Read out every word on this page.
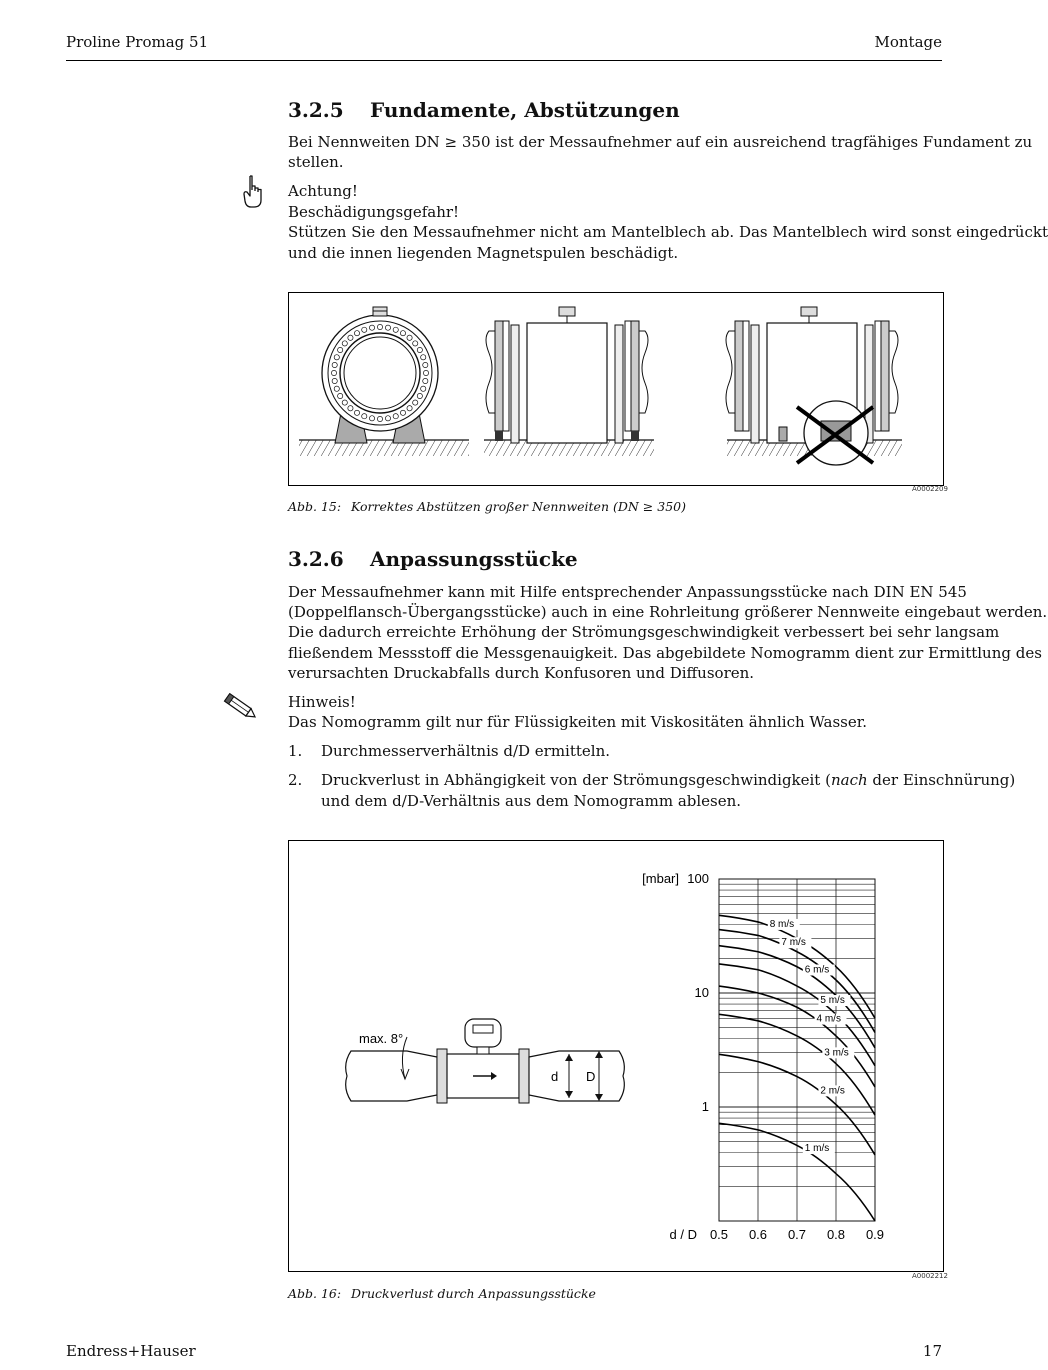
Proline Promag 51	Montage
3.2.5 Fundamente, Abstützungen
Bei Nennweiten DN ≥ 350 ist der Messaufnehmer auf ein ausreichend tragfähiges Fundament zu
stellen.
Achtung!
Beschädigungsgefahr!
Stützen Sie den Messaufnehmer nicht am Mantelblech ab. Das Mantelblech wird sonst eingedrückt
und die innen liegenden Magnetspulen beschädigt.
A0002209
Abb. 15: Korrektes Abstützen großer Nennweiten (DN ≥ 350)
3.2.6 Anpassungsstücke
Der Messaufnehmer kann mit Hilfe entsprechender Anpassungsstücke nach DIN EN 545
(Doppelflansch-Übergangsstücke) auch in eine Rohrleitung größerer Nennweite eingebaut werden.
Die dadurch erreichte Erhöhung der Strömungsgeschwindigkeit verbessert bei sehr langsam
fließendem Messstoff die Messgenauigkeit. Das abgebildete Nomogramm dient zur Ermittlung des
verursachten Druckabfalls durch Konfusoren und Diffusoren.
Hinweis!
Das Nomogramm gilt nur für Flüssigkeiten mit Viskositäten ähnlich Wasser.
1. Durchmesserverhältnis d/D ermitteln.
2. Druckverlust in Abhängigkeit von der Strömungsgeschwindigkeit (nach der Einschnürung)
und dem d/D-Verhältnis aus dem Nomogramm ablesen.
max. 8°
d D
0.5 0.6 0.7 0.8 0.9
100
10
1
[mbar]
d / D
8 m/s
7 m/s
6 m/s
5 m/s
4 m/s
3 m/s
2 m/s
1 m/s
A0002212
Abb. 16: Druckverlust durch Anpassungsstücke
Endress+Hauser	17
